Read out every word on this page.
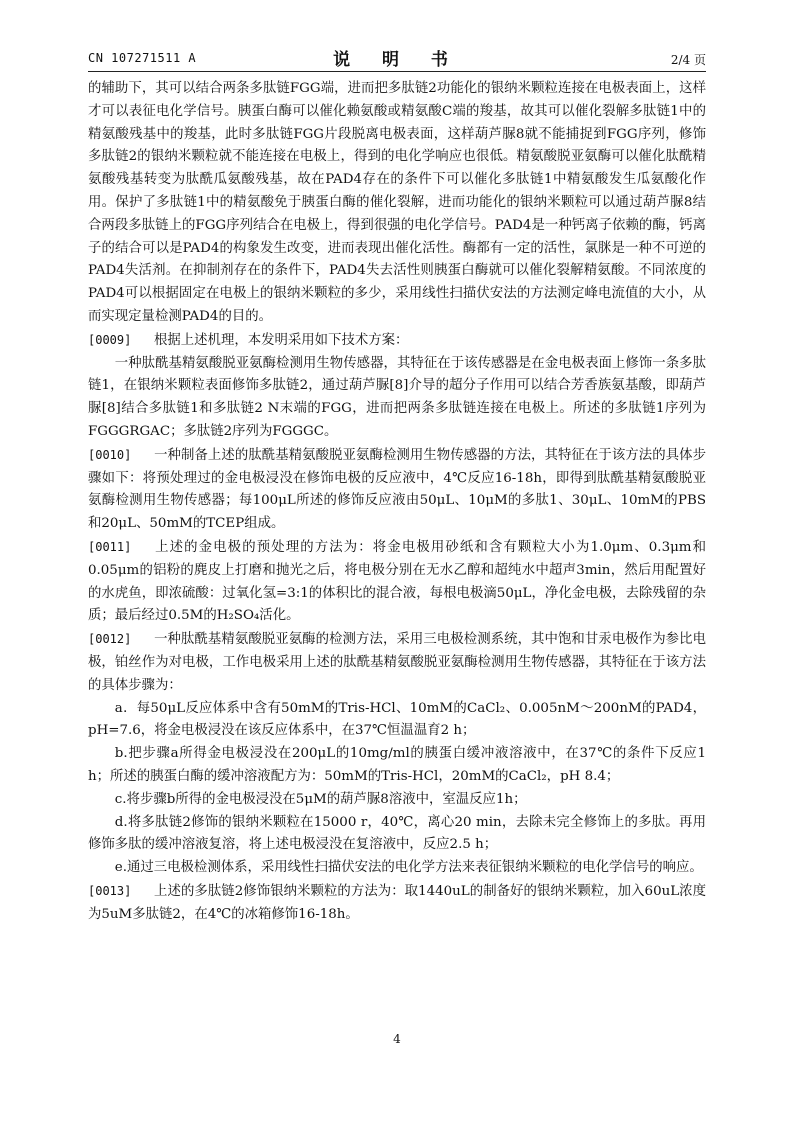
CN 107271511 A	说 明 书	2/4 页

的辅助下，其可以结合两条多肽链FGG端，进而把多肽链2功能化的银纳米颗粒连接在电极表面上，这样才可以表征电化学信号。胰蛋白酶可以催化赖氨酸或精氨酸C端的羧基，故其可以催化裂解多肽链1中的精氨酸残基中的羧基，此时多肽链FGG片段脱离电极表面，这样葫芦脲8就不能捕捉到FGG序列，修饰多肽链2的银纳米颗粒就不能连接在电极上，得到的电化学响应也很低。精氨酸脱亚氨酶可以催化肽酰精氨酸残基转变为肽酰瓜氨酸残基，故在PAD4存在的条件下可以催化多肽链1中精氨酸发生瓜氨酸化作用。保护了多肽链1中的精氨酸免于胰蛋白酶的催化裂解，进而功能化的银纳米颗粒可以通过葫芦脲8结合两段多肽链上的FGG序列结合在电极上，得到很强的电化学信号。PAD4是一种钙离子依赖的酶，钙离子的结合可以是PAD4的构象发生改变，进而表现出催化活性。酶都有一定的活性，氯脒是一种不可逆的PAD4失活剂。在抑制剂存在的条件下，PAD4失去活性则胰蛋白酶就可以催化裂解精氨酸。不同浓度的PAD4可以根据固定在电极上的银纳米颗粒的多少，采用线性扫描伏安法的方法测定峰电流值的大小，从而实现定量检测PAD4的目的。

[0009] 根据上述机理，本发明采用如下技术方案：

一种肽酰基精氨酸脱亚氨酶检测用生物传感器，其特征在于该传感器是在金电极表面上修饰一条多肽链1，在银纳米颗粒表面修饰多肽链2，通过葫芦脲[8]介导的超分子作用可以结合芳香族氨基酸，即葫芦脲[8]结合多肽链1和多肽链2 N末端的FGG，进而把两条多肽链连接在电极上。所述的多肽链1序列为FGGGRGAC；多肽链2序列为FGGGC。

[0010] 一种制备上述的肽酰基精氨酸脱亚氨酶检测用生物传感器的方法，其特征在于该方法的具体步骤如下：将预处理过的金电极浸没在修饰电极的反应液中，4℃反应16-18h，即得到肽酰基精氨酸脱亚氨酶检测用生物传感器；每100μL所述的修饰反应液由50μL、10μM的多肽1、30μL、10mM的PBS和20μL、50mM的TCEP组成。

[0011] 上述的金电极的预处理的方法为：将金电极用砂纸和含有颗粒大小为1.0μm、0.3μm和0.05μm的铝粉的麂皮上打磨和抛光之后，将电极分别在无水乙醇和超纯水中超声3min，然后用配置好的水虎鱼，即浓硫酸：过氧化氢=3:1的体积比的混合液，每根电极滴50μL，净化金电极，去除残留的杂质；最后经过0.5M的H₂SO₄活化。

[0012] 一种肽酰基精氨酸脱亚氨酶的检测方法，采用三电极检测系统，其中饱和甘汞电极作为参比电极，铂丝作为对电极，工作电极采用上述的肽酰基精氨酸脱亚氨酶检测用生物传感器，其特征在于该方法的具体步骤为：

a．每50μL反应体系中含有50mM的Tris-HCl、10mM的CaCl₂、0.005nM～200nM的PAD4，pH=7.6，将金电极浸没在该反应体系中，在37℃恒温温育2 h；

b.把步骤a所得金电极浸没在200μL的10mg/ml的胰蛋白缓冲液溶液中，在37℃的条件下反应1 h；所述的胰蛋白酶的缓冲溶液配方为：50mM的Tris-HCl，20mM的CaCl₂，pH 8.4；

c.将步骤b所得的金电极浸没在5μM的葫芦脲8溶液中，室温反应1h；

d.将多肽链2修饰的银纳米颗粒在15000 r，40℃，离心20 min，去除未完全修饰上的多肽。再用修饰多肽的缓冲溶液复溶，将上述电极浸没在复溶液中，反应2.5 h；

e.通过三电极检测体系，采用线性扫描伏安法的电化学方法来表征银纳米颗粒的电化学信号的响应。

[0013] 上述的多肽链2修饰银纳米颗粒的方法为：取1440uL的制备好的银纳米颗粒，加入60uL浓度为5uM多肽链2，在4℃的冰箱修饰16-18h。

4
